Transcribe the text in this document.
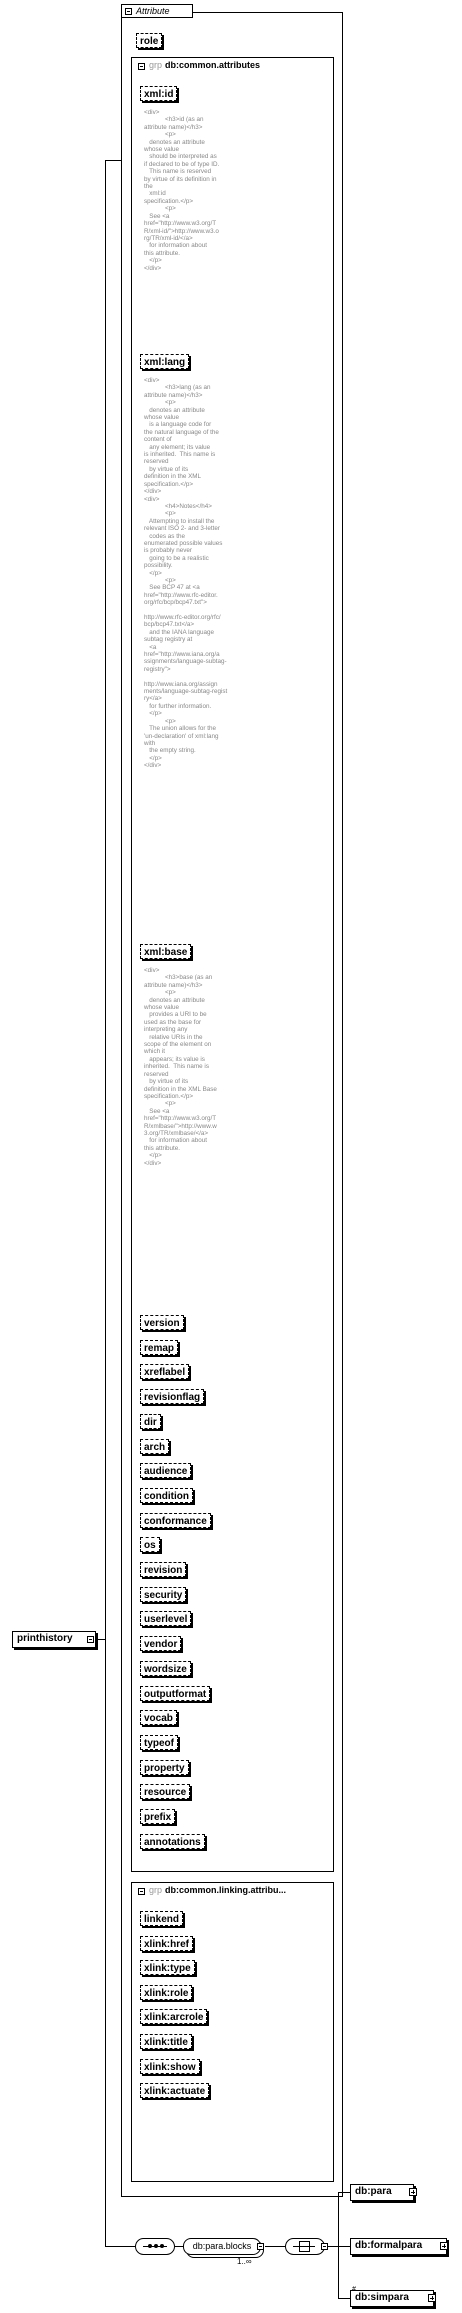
printhistory
Attribute
role
grp db:common.attributes
xml:id
<div>
<h3>id (as an
attribute name)</h3>
<p>
denotes an attribute
whose value
should be interpreted as
if declared to be of type ID.
This name is reserved
by virtue of its definition in
the
xml:id
specification.</p>
<p>
See <a
href="http://www.w3.org/T
R/xml-id/">http://www.w3.o
rg/TR/xml-id/</a>
for information about
this attribute.
</p>
</div>
xml:lang
<div>
<h3>lang (as an
attribute name)</h3>
<p>
denotes an attribute
whose value
is a language code for
the natural language of the
content of
any element; its value
is inherited.  This name is
reserved
by virtue of its
definition in the XML
specification.</p>
</div>
<div>
<h4>Notes</h4>
<p>
Attempting to install the
relevant ISO 2- and 3-letter
codes as the
enumerated possible values
is probably never
going to be a realistic
possibility.
</p>
<p>
See BCP 47 at <a
href="http://www.rfc-editor.
org/rfc/bcp/bcp47.txt">

http://www.rfc-editor.org/rfc/
bcp/bcp47.txt</a>
and the IANA language
subtag registry at
<a
href="http://www.iana.org/a
ssignments/language-subtag-
registry">

http://www.iana.org/assign
ments/language-subtag-regist
ry</a>
for further information.
</p>
<p>
The union allows for the
'un-declaration' of xml:lang
with
the empty string.
</p>
</div>
xml:base
<div>
<h3>base (as an
attribute name)</h3>
<p>
denotes an attribute
whose value
provides a URI to be
used as the base for
interpreting any
relative URIs in the
scope of the element on
which it
appears; its value is
inherited.  This name is
reserved
by virtue of its
definition in the XML Base
specification.</p>
<p>
See <a
href="http://www.w3.org/T
R/xmlbase/">http://www.w
3.org/TR/xmlbase/</a>
for information about
this attribute.
</p>
</div>
version
remap
xreflabel
revisionflag
dir
arch
audience
condition
conformance
os
revision
security
userlevel
vendor
wordsize
outputformat
vocab
typeof
property
resource
prefix
annotations
grp db:common.linking.attribu...
linkend
xlink:href
xlink:type
xlink:role
xlink:arcrole
xlink:title
xlink:show
xlink:actuate
db:para.blocks
1..∞
db:para
db:formalpara
db:simpara
#
